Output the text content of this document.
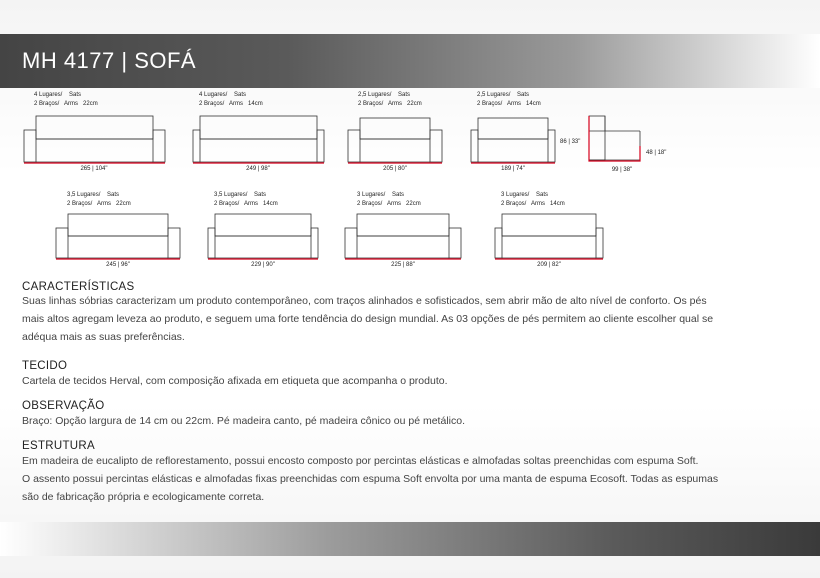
MH 4177 | SOFÁ
4 Lugares/    Sats
2 Braços/   Arms   22cm
4 Lugares/    Sats
2 Braços/   Arms   14cm
2,5 Lugares/    Sats
2 Braços/   Arms   22cm
2,5 Lugares/    Sats
2 Braços/   Arms   14cm
265 | 104"	249 | 98"	205 | 80"	189 | 74"
86 | 33"
48 | 18"
99 | 38"
3,5 Lugares/    Sats
2 Braços/   Arms   22cm
3,5 Lugares/    Sats
2 Braços/   Arms   14cm
3 Lugares/    Sats
2 Braços/   Arms   22cm
3 Lugares/    Sats
2 Braços/   Arms   14cm
245 | 96"	229 | 90"	225 | 88"	209 | 82"
CARACTERÍSTICAS
Suas linhas sóbrias caracterizam um produto contemporâneo, com traços alinhados e sofisticados, sem abrir mão de alto nível de conforto. Os pés
mais altos agregam leveza ao produto, e seguem uma forte tendência do design mundial. As 03 opções de pés permitem ao cliente escolher qual se
adéqua mais as suas preferências.
TECIDO
Cartela de tecidos Herval, com composição afixada em etiqueta que acompanha o produto.
OBSERVAÇÃO
Braço: Opção largura de 14 cm ou 22cm. Pé madeira canto, pé madeira cônico ou pé metálico.
ESTRUTURA
Em madeira de eucalipto de reflorestamento, possui encosto composto por percintas elásticas e almofadas soltas preenchidas com espuma Soft.
O assento possui percintas elásticas e almofadas fixas preenchidas com espuma Soft envolta por uma manta de espuma Ecosoft. Todas as espumas
são de fabricação própria e ecologicamente correta.
